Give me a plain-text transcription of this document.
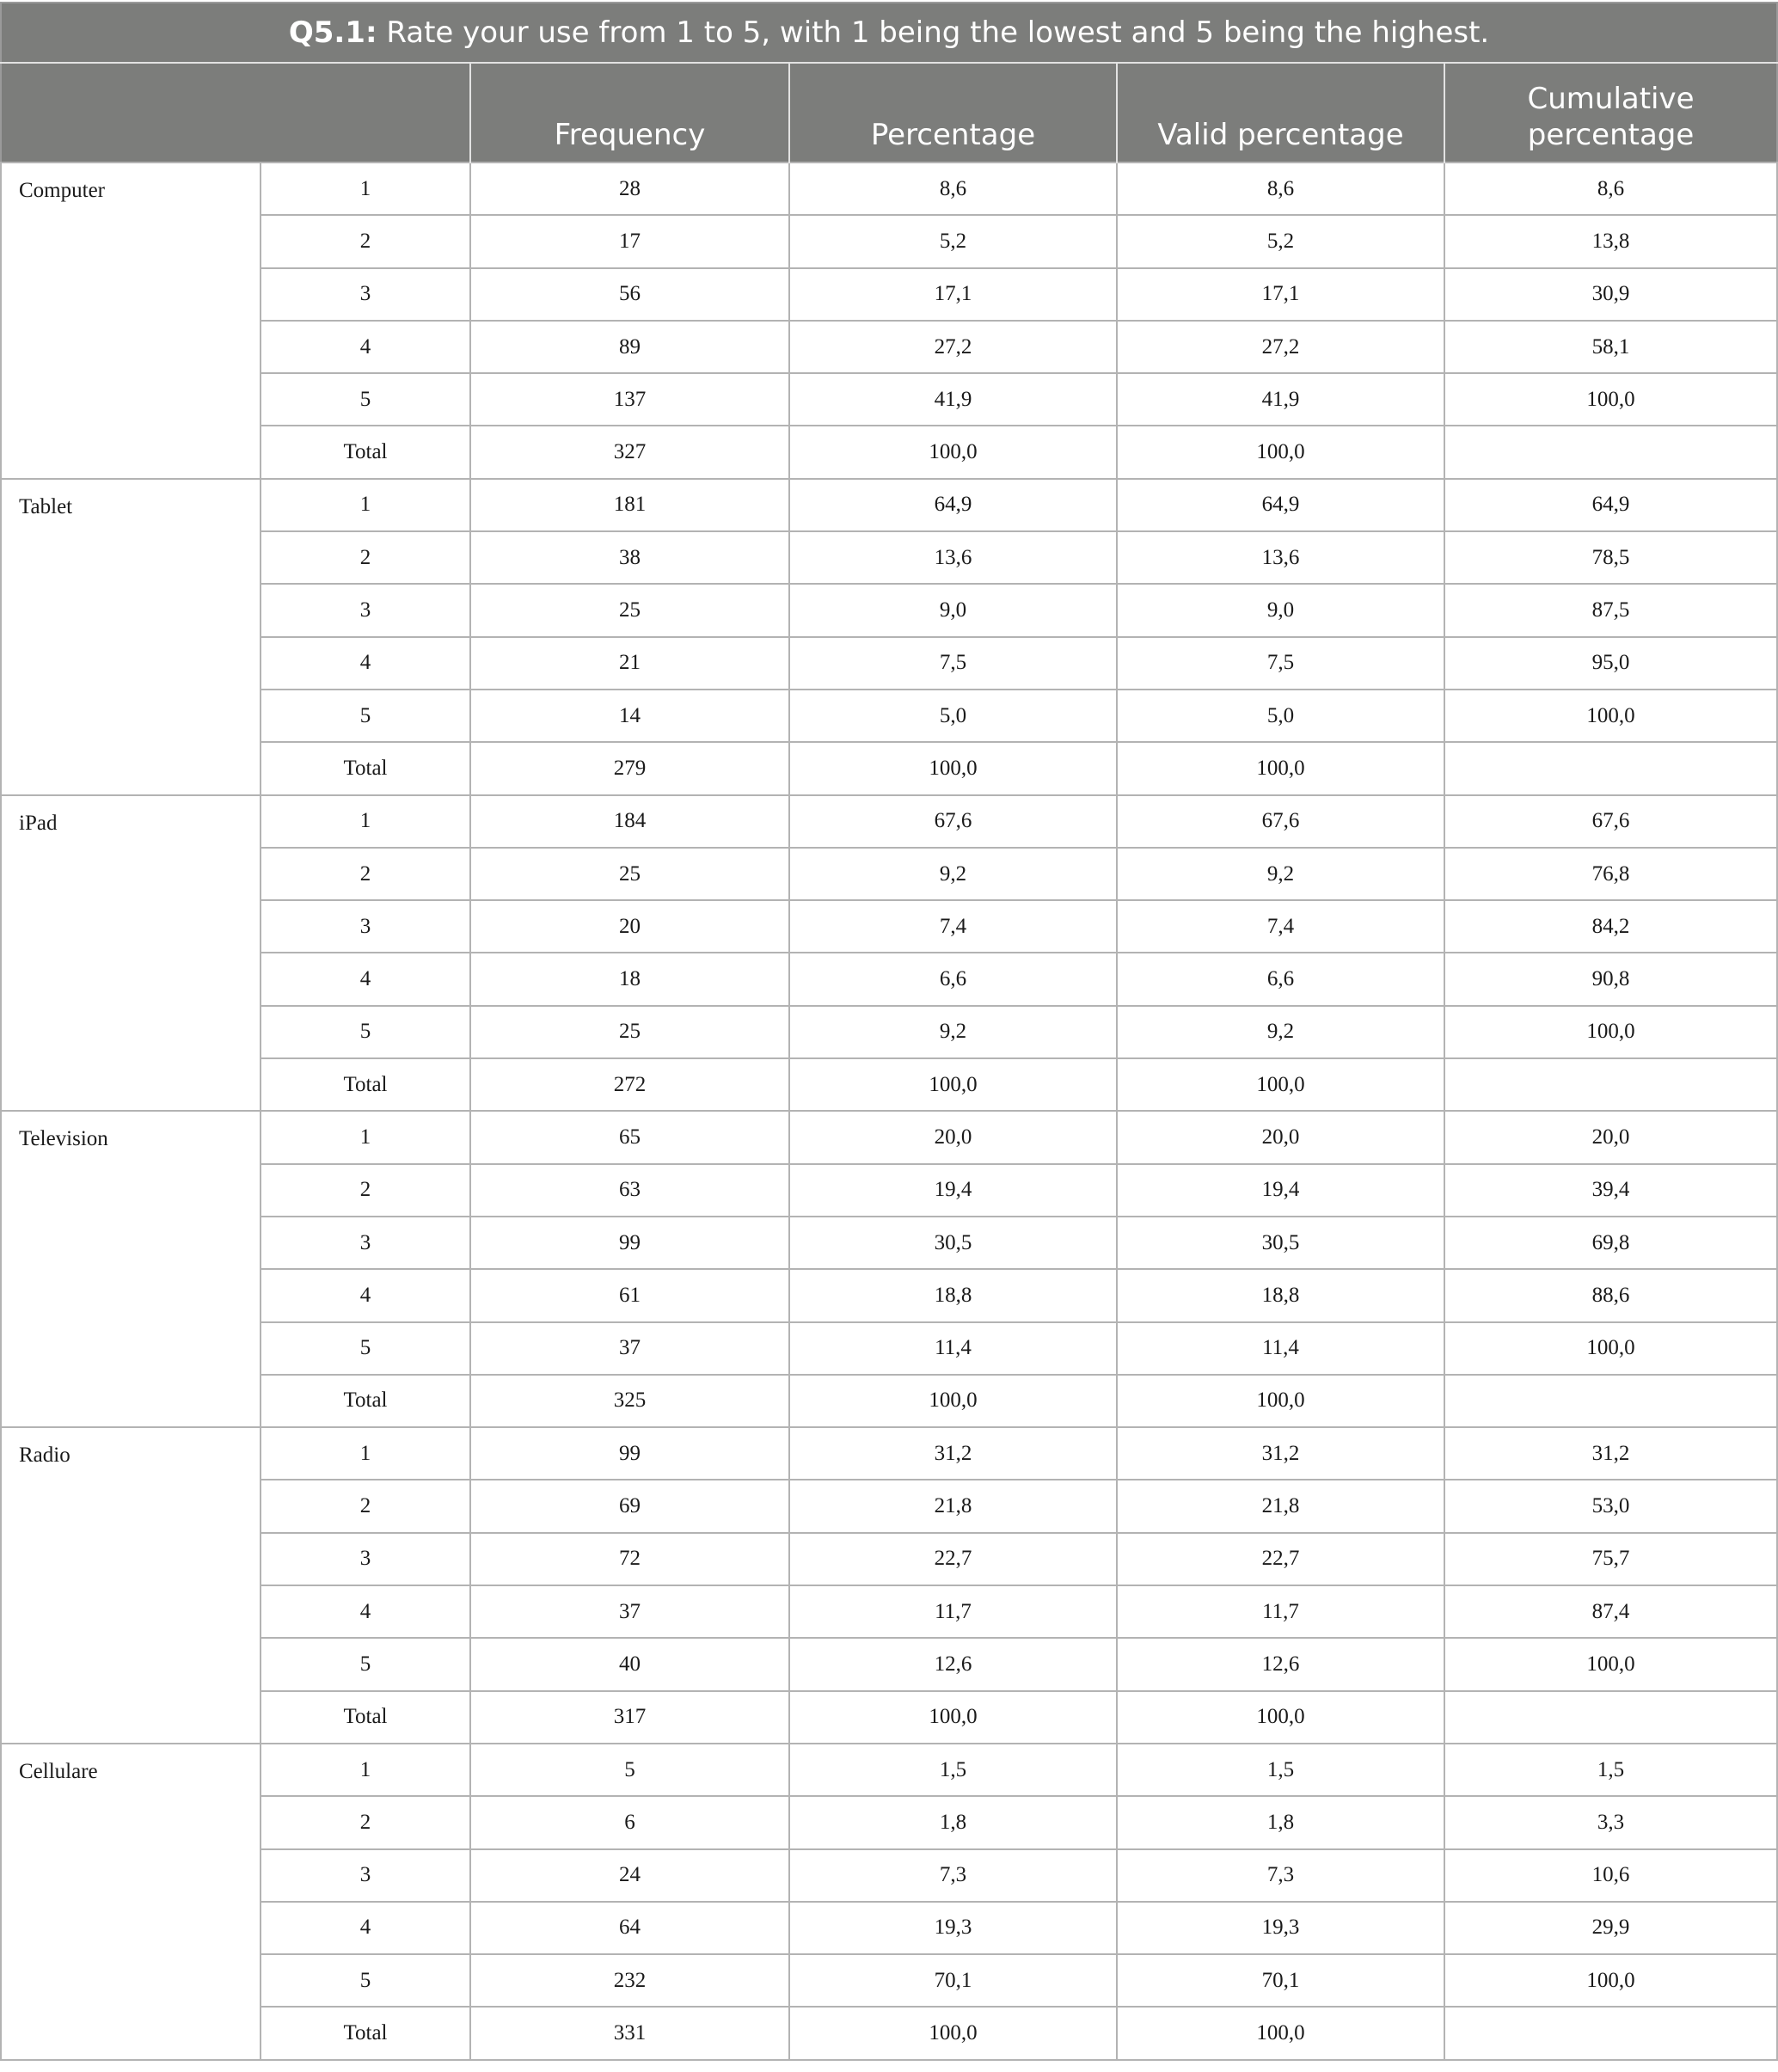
Q5.1: Rate your use from 1 to 5, with 1 being the lowest and 5 being the highest.					
		Frequency	Percentage	Valid percentage	Cumulative percentage
Computer	1	28	8,6	8,6	8,6
	2	17	5,2	5,2	13,8
	3	56	17,1	17,1	30,9
	4	89	27,2	27,2	58,1
	5	137	41,9	41,9	100,0
	Total	327	100,0	100,0	
Tablet	1	181	64,9	64,9	64,9
	2	38	13,6	13,6	78,5
	3	25	9,0	9,0	87,5
	4	21	7,5	7,5	95,0
	5	14	5,0	5,0	100,0
	Total	279	100,0	100,0	
iPad	1	184	67,6	67,6	67,6
	2	25	9,2	9,2	76,8
	3	20	7,4	7,4	84,2
	4	18	6,6	6,6	90,8
	5	25	9,2	9,2	100,0
	Total	272	100,0	100,0	
Television	1	65	20,0	20,0	20,0
	2	63	19,4	19,4	39,4
	3	99	30,5	30,5	69,8
	4	61	18,8	18,8	88,6
	5	37	11,4	11,4	100,0
	Total	325	100,0	100,0	
Radio	1	99	31,2	31,2	31,2
	2	69	21,8	21,8	53,0
	3	72	22,7	22,7	75,7
	4	37	11,7	11,7	87,4
	5	40	12,6	12,6	100,0
	Total	317	100,0	100,0	
Cellulare	1	5	1,5	1,5	1,5
	2	6	1,8	1,8	3,3
	3	24	7,3	7,3	10,6
	4	64	19,3	19,3	29,9
	5	232	70,1	70,1	100,0
	Total	331	100,0	100,0	
